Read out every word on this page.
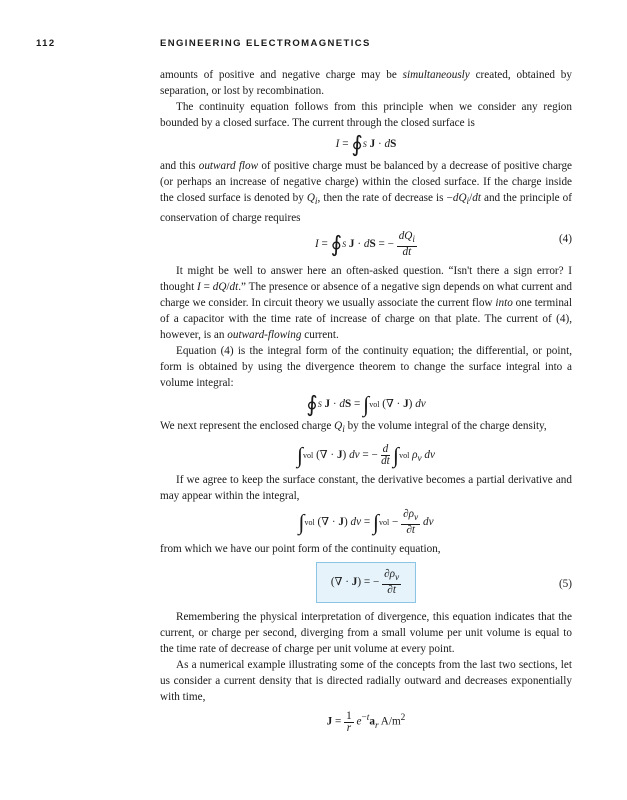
112	ENGINEERING ELECTROMAGNETICS

amounts of positive and negative charge may be simultaneously created, obtained by separation, or lost by recombination.

The continuity equation follows from this principle when we consider any region bounded by a closed surface. The current through the closed surface is

I = ∮S J · dS

and this outward flow of positive charge must be balanced by a decrease of positive charge (or perhaps an increase of negative charge) within the closed surface. If the charge inside the closed surface is denoted by $Q_i$, then the rate of decrease is $-dQ_i/dt$ and the principle of conservation of charge requires

I = ∮S J · dS = − $\frac{dQ_i}{dt}$	(4)

It might be well to answer here an often-asked question. “Isn't there a sign error? I thought I = dQ/dt.” The presence or absence of a negative sign depends on what current and charge we consider. In circuit theory we usually associate the current flow into one terminal of a capacitor with the time rate of increase of charge on that plate. The current of (4), however, is an outward-flowing current.

Equation (4) is the integral form of the continuity equation; the differential, or point, form is obtained by using the divergence theorem to change the surface integral into a volume integral:

∮S J · dS = ∫vol (∇ · J) dv

We next represent the enclosed charge $Q_i$ by the volume integral of the charge density,

∫vol (∇ · J) dv = − $\frac{d}{dt} \int vol$ $\rho_v$ dv

If we agree to keep the surface constant, the derivative becomes a partial derivative and may appear within the integral,

∫vol (∇ · J) dv = $\int vol - \frac{\partial\rho_v}{\partial t}$ dv

from which we have our point form of the continuity equation,

(∇ · J) = − $\frac{\partial\rho_v}{\partial t}$	(5)

Remembering the physical interpretation of divergence, this equation indicates that the current, or charge per second, diverging from a small volume per unit volume is equal to the time rate of decrease of charge per unit volume at every point.

As a numerical example illustrating some of the concepts from the last two sections, let us consider a current density that is directed radially outward and decreases exponentially with time,

$J = \frac{1}{r} e^{-t}a_r$ $A/m^2$
